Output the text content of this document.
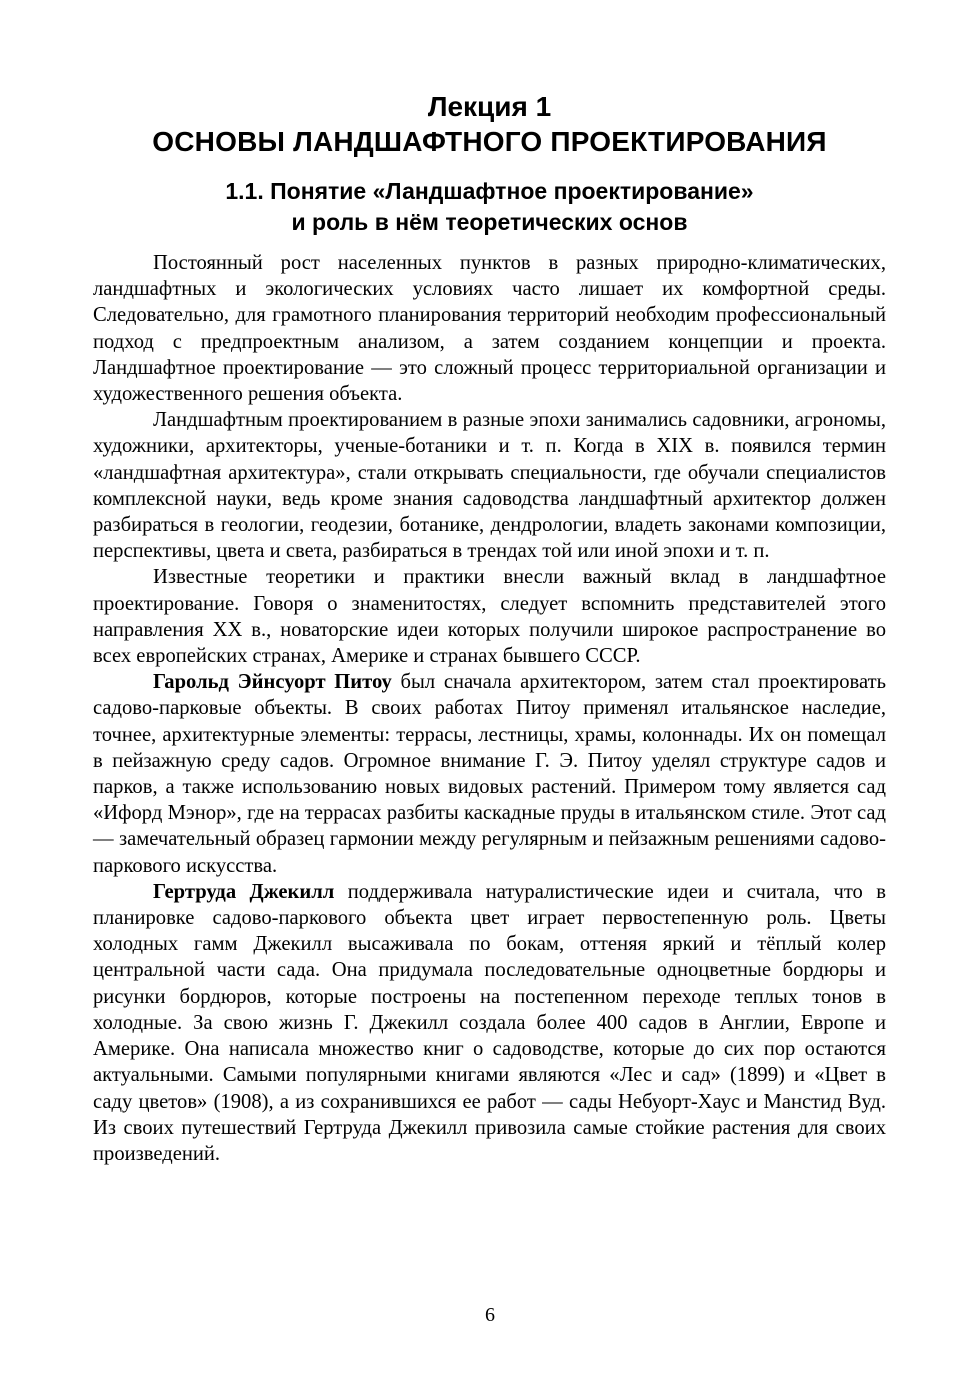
Лекция 1
ОСНОВЫ ЛАНДШАФТНОГО ПРОЕКТИРОВАНИЯ
1.1. Понятие «Ландшафтное проектирование»
и роль в нём теоретических основ

Постоянный рост населенных пунктов в разных природно-климатических, ландшафтных и экологических условиях часто лишает их комфортной среды. Следовательно, для грамотного планирования территорий необходим профессиональный подход с предпроектным анализом, а затем созданием концепции и проекта. Ландшафтное проектирование — это сложный процесс территориальной организации и художественного решения объекта.

Ландшафтным проектированием в разные эпохи занимались садовники, агрономы, художники, архитекторы, ученые-ботаники и т. п. Когда в XIX в. появился термин «ландшафтная архитектура», стали открывать специальности, где обучали специалистов комплексной науки, ведь кроме знания садоводства ландшафтный архитектор должен разбираться в геологии, геодезии, ботанике, дендрологии, владеть законами композиции, перспективы, цвета и света, разбираться в трендах той или иной эпохи и т. п.

Известные теоретики и практики внесли важный вклад в ландшафтное проектирование. Говоря о знаменитостях, следует вспомнить представителей этого направления XX в., новаторские идеи которых получили широкое распространение во всех европейских странах, Америке и странах бывшего СССР.

Гарольд Эйнсуорт Питоу был сначала архитектором, затем стал проектировать садово-парковые объекты. В своих работах Питоу применял итальянское наследие, точнее, архитектурные элементы: террасы, лестницы, храмы, колоннады. Их он помещал в пейзажную среду садов. Огромное внимание Г. Э. Питоу уделял структуре садов и парков, а также использованию новых видовых растений. Примером тому является сад «Ифорд Мэнор», где на террасах разбиты каскадные пруды в итальянском стиле. Этот сад — замечательный образец гармонии между регулярным и пейзажным решениями садово-паркового искусства.

Гертруда Джекилл поддерживала натуралистические идеи и считала, что в планировке садово-паркового объекта цвет играет первостепенную роль. Цветы холодных гамм Джекилл высаживала по бокам, оттеняя яркий и тёплый колер центральной части сада. Она придумала последовательные одноцветные бордюры и рисунки бордюров, которые построены на постепенном переходе теплых тонов в холодные. За свою жизнь Г. Джекилл создала более 400 садов в Англии, Европе и Америке. Она написала множество книг о садоводстве, которые до сих пор остаются актуальными. Самыми популярными книгами являются «Лес и сад» (1899) и «Цвет в саду цветов» (1908), а из сохранившихся ее работ — сады Небуорт-Хаус и Манстид Вуд. Из своих путешествий Гертруда Джекилл привозила самые стойкие растения для своих произведений.

6
